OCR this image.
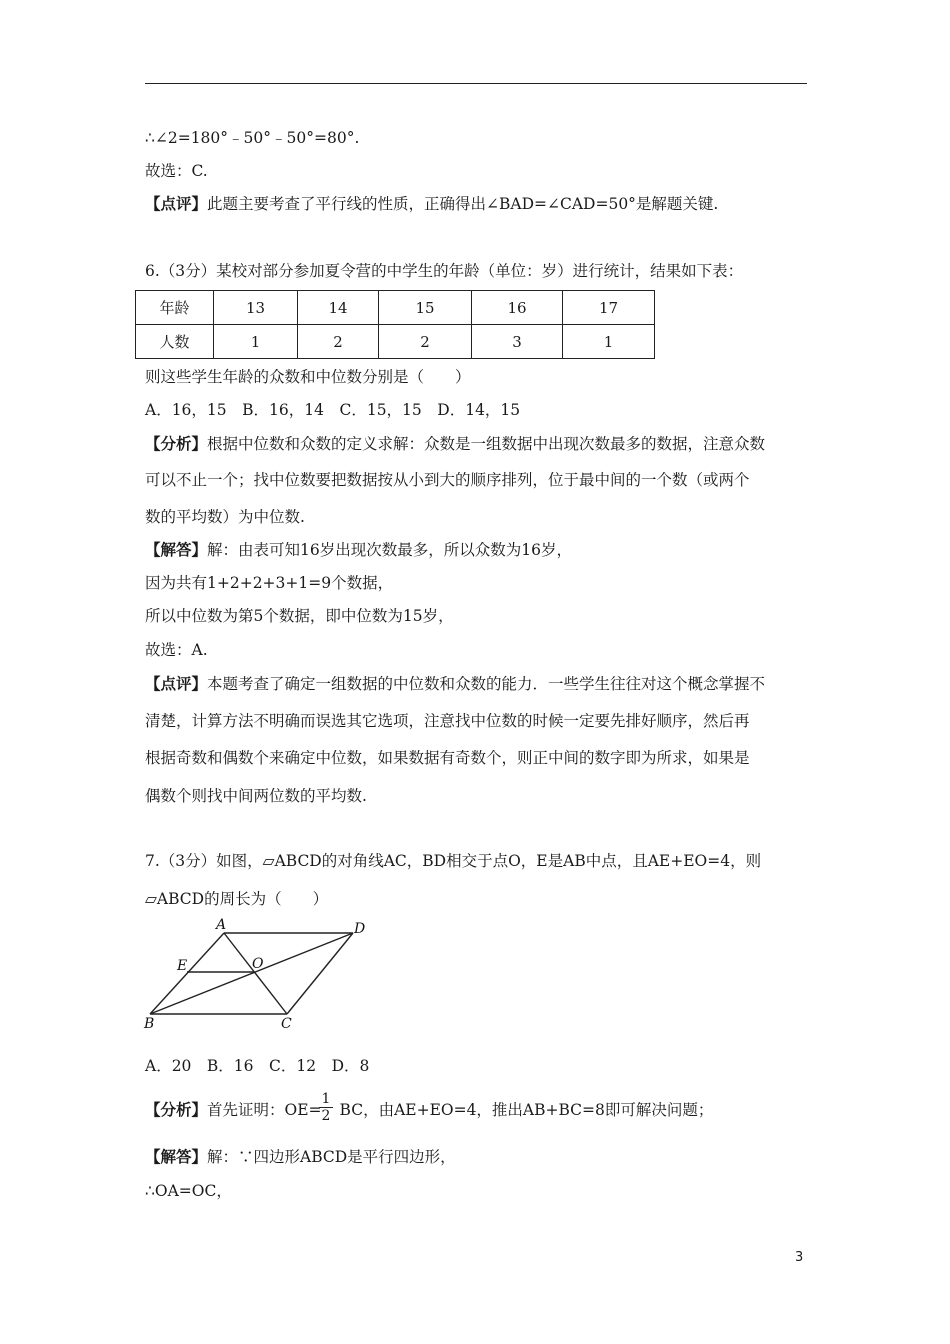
∴∠2=180°﹣50°﹣50°=80°.
故选：C.
【点评】此题主要考查了平行线的性质，正确得出∠BAD=∠CAD=50°是解题关键.
6.（3分）某校对部分参加夏令营的中学生的年龄（单位：岁）进行统计，结果如下表：
年龄	13	14	15	16	17
人数	1	2	2	3	1
则这些学生年龄的众数和中位数分别是（　　）
A．16，15　B．16，14　C．15，15　D．14，15
【分析】根据中位数和众数的定义求解：众数是一组数据中出现次数最多的数据，注意众数
可以不止一个；找中位数要把数据按从小到大的顺序排列，位于最中间的一个数（或两个
数的平均数）为中位数.
【解答】解：由表可知16岁出现次数最多，所以众数为16岁，
因为共有1+2+2+3+1=9个数据，
所以中位数为第5个数据，即中位数为15岁，
故选：A.
【点评】本题考查了确定一组数据的中位数和众数的能力．一些学生往往对这个概念掌握不
清楚，计算方法不明确而误选其它选项，注意找中位数的时候一定要先排好顺序，然后再
根据奇数和偶数个来确定中位数，如果数据有奇数个，则正中间的数字即为所求，如果是
偶数个则找中间两位数的平均数.
7.（3分）如图，▱ABCD的对角线AC，BD相交于点O，E是AB中点，且AE+EO=4，则
▱ABCD的周长为（　　）
A	D
E	O
B	C
A．20　B．16　C．12　D．8
【分析】首先证明：OE= BC，由AE+EO=4，推出AB+BC=8即可解决问题；
1
2
【解答】解：∵四边形ABCD是平行四边形，
∴OA=OC，
3
